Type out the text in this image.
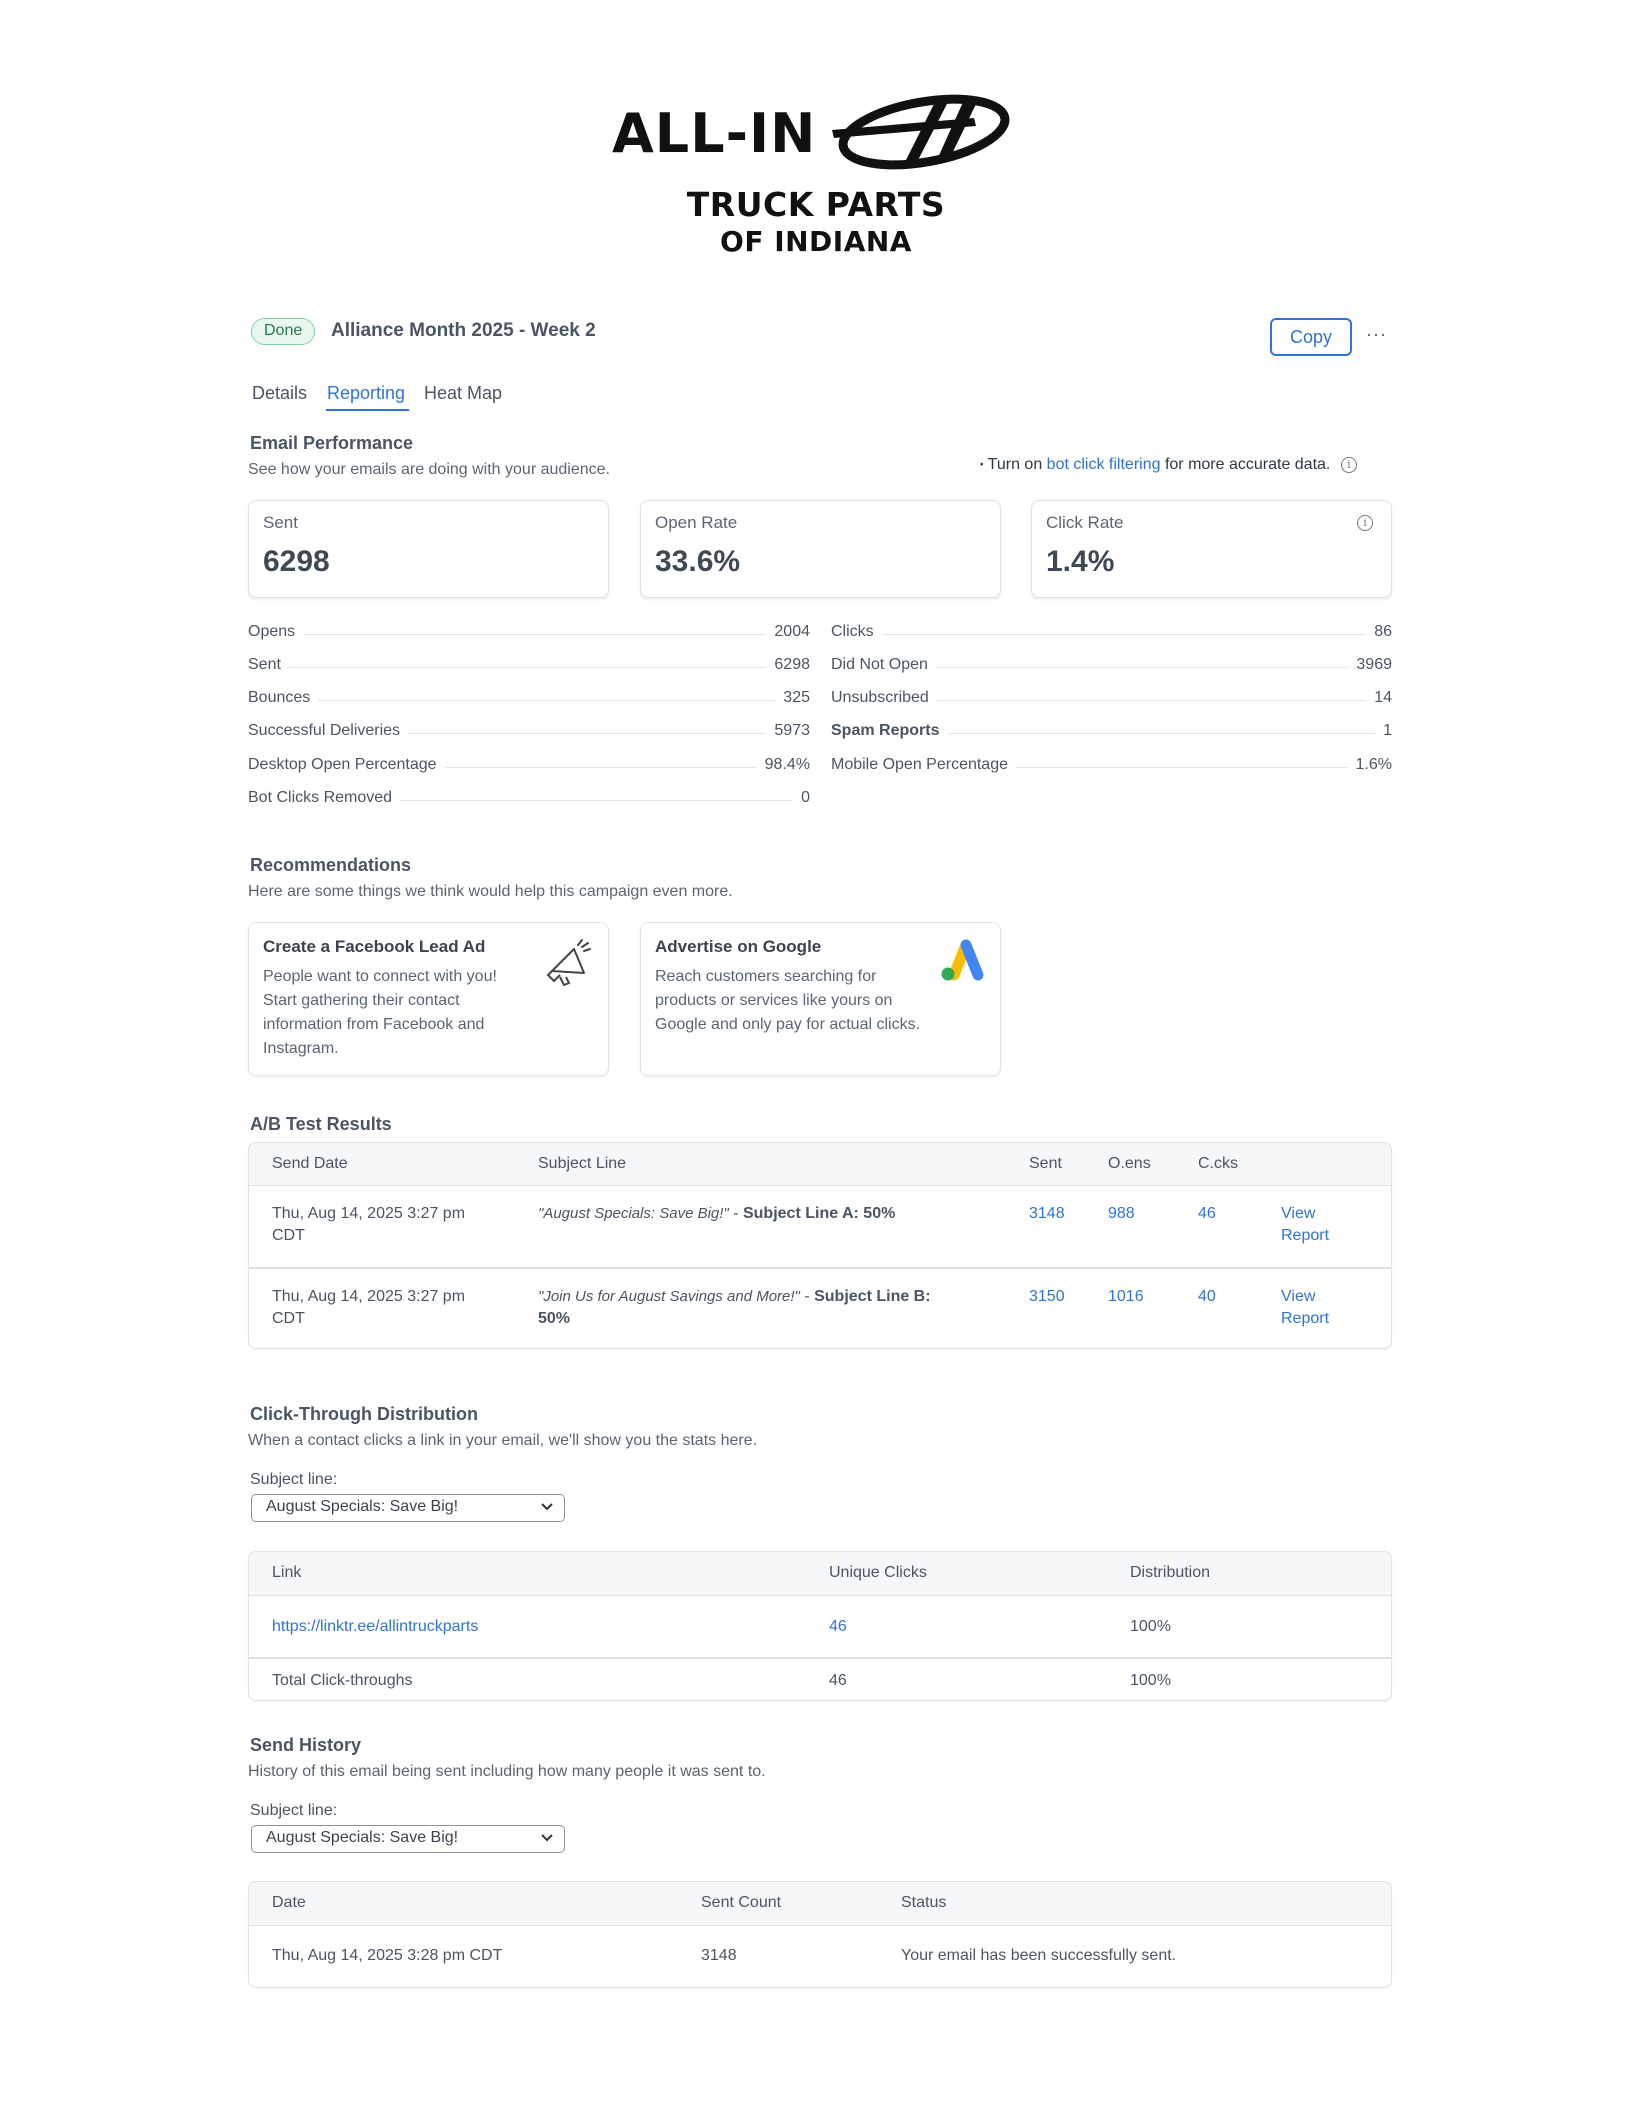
ALL-IN
TRUCK PARTS
OF INDIANA
Done	Alliance Month 2025 - Week 2	Copy	···
Details Reporting Heat Map
Email Performance
See how your emails are doing with your audience.	• Turn on bot click filtering for more accurate data. i
Sent
6298
Open Rate
33.6%
Click Rate
1.4%
i
Opens	2004
Sent	6298
Bounces	325
Successful Deliveries	5973
Desktop Open Percentage	98.4%
Bot Clicks Removed	0
Clicks	86
Did Not Open	3969
Unsubscribed	14
Spam Reports	1
Mobile Open Percentage	1.6%
Recommendations
Here are some things we think would help this campaign even more.
Create a Facebook Lead Ad
People want to connect with you! Start gathering their contact information from Facebook and Instagram.
Advertise on Google
Reach customers searching for products or services like yours on Google and only pay for actual clicks.
A/B Test Results
Send Date	Subject Line	Sent	O.ens	C.cks
Thu, Aug 14, 2025 3:27 pm
CDT
"August Specials: Save Big!" - Subject Line A: 50%	3148	988	46	View
Report
Thu, Aug 14, 2025 3:27 pm
CDT
"Join Us for August Savings and More!" - Subject Line B:
50%
3150	1016	40	View
Report
Click-Through Distribution
When a contact clicks a link in your email, we'll show you the stats here.
Subject line:
August Specials: Save Big!
Link	Unique Clicks	Distribution
https://linktr.ee/allintruckparts	46	100%
Total Click-throughs	46	100%
Send History
History of this email being sent including how many people it was sent to.
Subject line:
August Specials: Save Big!
Date	Sent Count	Status
Thu, Aug 14, 2025 3:28 pm CDT	3148	Your email has been successfully sent.
